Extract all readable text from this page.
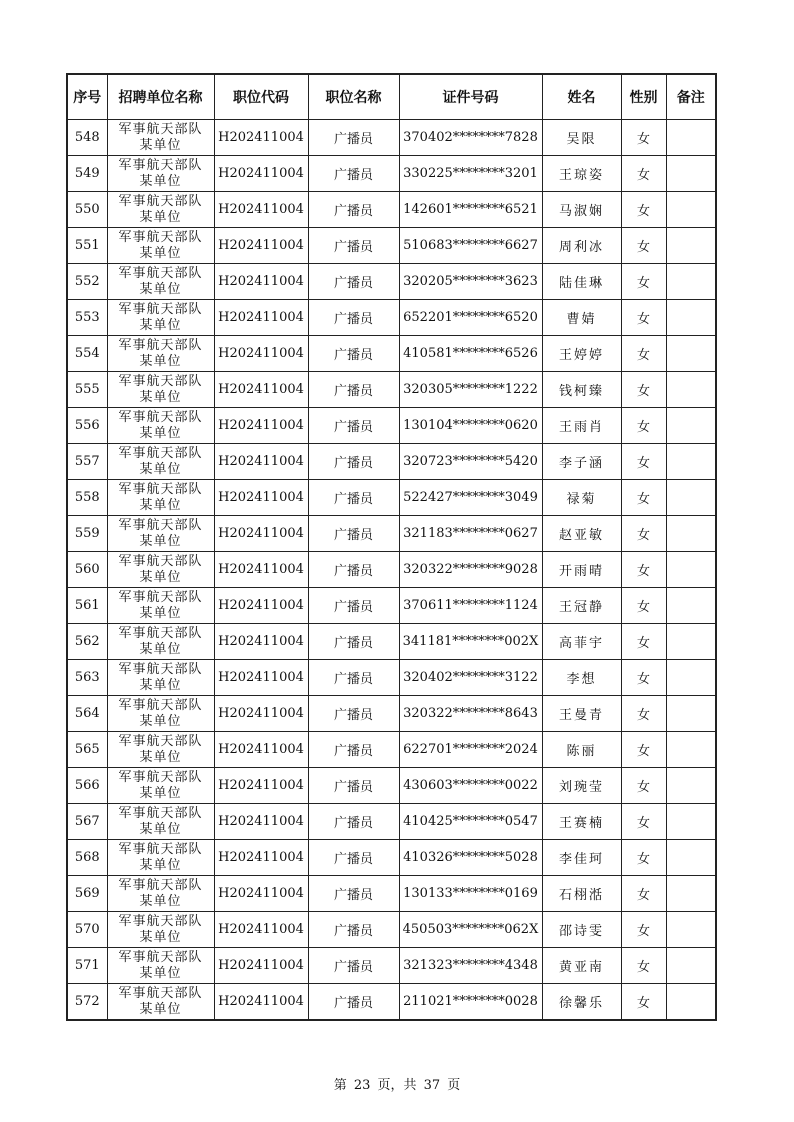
序号	招聘单位名称	职位代码	职位名称	证件号码	姓名	性别	备注
548	军事航天部队
某单位	H202411004	广播员	370402********7828	吴限	女	
549	军事航天部队
某单位	H202411004	广播员	330225********3201	王琼姿	女	
550	军事航天部队
某单位	H202411004	广播员	142601********6521	马淑娴	女	
551	军事航天部队
某单位	H202411004	广播员	510683********6627	周利冰	女	
552	军事航天部队
某单位	H202411004	广播员	320205********3623	陆佳琳	女	
553	军事航天部队
某单位	H202411004	广播员	652201********6520	曹婧	女	
554	军事航天部队
某单位	H202411004	广播员	410581********6526	王婷婷	女	
555	军事航天部队
某单位	H202411004	广播员	320305********1222	钱柯臻	女	
556	军事航天部队
某单位	H202411004	广播员	130104********0620	王雨肖	女	
557	军事航天部队
某单位	H202411004	广播员	320723********5420	李子涵	女	
558	军事航天部队
某单位	H202411004	广播员	522427********3049	禄菊	女	
559	军事航天部队
某单位	H202411004	广播员	321183********0627	赵亚敏	女	
560	军事航天部队
某单位	H202411004	广播员	320322********9028	开雨晴	女	
561	军事航天部队
某单位	H202411004	广播员	370611********1124	王冠静	女	
562	军事航天部队
某单位	H202411004	广播员	341181********002X	高菲宇	女	
563	军事航天部队
某单位	H202411004	广播员	320402********3122	李想	女	
564	军事航天部队
某单位	H202411004	广播员	320322********8643	王曼青	女	
565	军事航天部队
某单位	H202411004	广播员	622701********2024	陈丽	女	
566	军事航天部队
某单位	H202411004	广播员	430603********0022	刘琬莹	女	
567	军事航天部队
某单位	H202411004	广播员	410425********0547	王赛楠	女	
568	军事航天部队
某单位	H202411004	广播员	410326********5028	李佳珂	女	
569	军事航天部队
某单位	H202411004	广播员	130133********0169	石栩湉	女	
570	军事航天部队
某单位	H202411004	广播员	450503********062X	邵诗雯	女	
571	军事航天部队
某单位	H202411004	广播员	321323********4348	黄亚南	女	
572	军事航天部队
某单位	H202411004	广播员	211021********0028	徐馨乐	女	
第 23 页，共 37 页
